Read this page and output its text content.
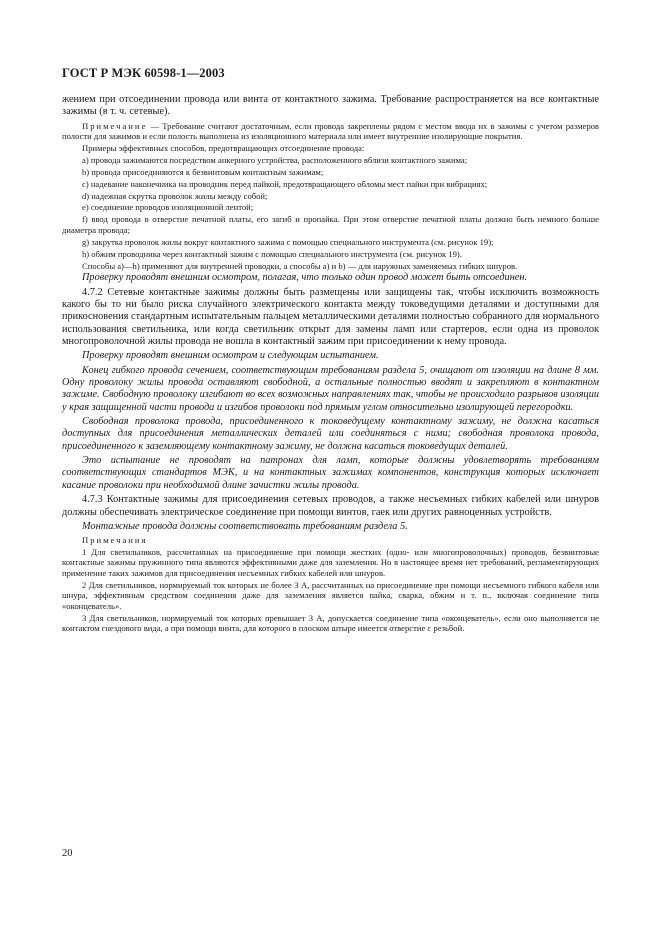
ГОСТ Р МЭК 60598-1—2003

жением при отсоединении провода или винта от контактного зажима. Требование распространяется на все контактные зажимы (в т. ч. сетевые).

Примечание — Требование считают достаточным, если провода закреплены рядом с местом ввода их в зажимы с учетом размеров полости для зажимов и если полость выполнена из изоляционного материала или имеет внутренние изолирующие покрытия.

Примеры эффективных способов, предотвращающих отсоединение провода:

a) провода зажимаются посредством анкерного устройства, расположенного вблизи контактного зажима;

b) провода присоединяются к безвинтовым контактным зажимам;

c) надевание наконечника на проводник перед пайкой, предотвращающего обломы мест пайки при вибрациях;

d) надежная скрутка проволок жилы между собой;

e) соединение проводов изоляционной лентой;

f) ввод провода в отверстие печатной платы, его загиб и пропайка. При этом отверстие печатной платы должно быть немного больше диаметра провода;

g) закрутка проволок жилы вокруг контактного зажима с помощью специального инструмента (см. рисунок 19);

h) обжим проводника через контактный зажим с помощью специального инструмента (см. рисунок 19).

Способы a)—h) применяют для внутренней проводки, а способы a) и b) — для наружных заменяемых гибких шнуров.

Проверку проводят внешним осмотром, полагая, что только один провод может быть отсоединен.

4.7.2 Сетевые контактные зажимы должны быть размещены или защищены так, чтобы исключить возможность какого бы то ни было риска случайного электрического контакта между токоведущими деталями и доступными для прикосновения стандартным испытательным пальцем металлическими деталями полностью собранного для нормального использования светильника, или когда светильник открыт для замены ламп или стартеров, если одна из проволок многопроволочной жилы провода не вошла в контактный зажим при присоединении к нему провода.

Проверку проводят внешним осмотром и следующим испытанием.

Конец гибкого провода сечением, соответствующим требованиям раздела 5, очищают от изоляции на длине 8 мм. Одну проволоку жилы провода оставляют свободной, а остальные полностью вводят и закрепляют в контактном зажиме. Свободную проволоку изгибают во всех возможных направлениях так, чтобы не происходило разрывов изоляции у края защищенной части провода и изгибов проволоки под прямым углом относительно изолирующей перегородки.

Свободная проволока провода, присоединенного к токоведущему контактному зажиму, не должна касаться доступных для присоединения металлических деталей или соединяться с ними; свободная проволока провода, присоединенного к заземляющему контактному зажиму, не должна касаться токоведущих деталей.

Это испытание не проводят на патронах для ламп, которые должны удовлетворять требованиям соответствующих стандартов МЭК, и на контактных зажимах компонентов, конструкция которых исключает касание проволоки при необходимой длине зачистки жилы провода.

4.7.3 Контактные зажимы для присоединения сетевых проводов, а также несъемных гибких кабелей или шнуров должны обеспечивать электрическое соединение при помощи винтов, гаек или других равноценных устройств.

Монтажные провода должны соответствовать требованиям раздела 5.

Примечания

1 Для светильников, рассчитанных на присоединение при помощи жестких (одно- или многопроволочных) проводов, безвинтовые контактные зажимы пружинного типа являются эффективными даже для заземления. Но в настоящее время нет требований, регламентирующих применение таких зажимов для присоединения несъемных гибких кабелей или шнуров.

2 Для светильников, нормируемый ток которых не более 3 А, рассчитанных на присоединение при помощи несъемного гибкого кабеля или шнура, эффективным средством соединения даже для заземления является пайка, сварка, обжим и т. п., включая соединение типа «оконцеватель».

3 Для светильников, нормируемый ток которых превышает 3 А, допускается соединение типа «оконцеватель», если оно выполняется не контактом гнездового вида, а при помощи винта, для которого в плоском штыре имеется отверстие с резьбой.

20
